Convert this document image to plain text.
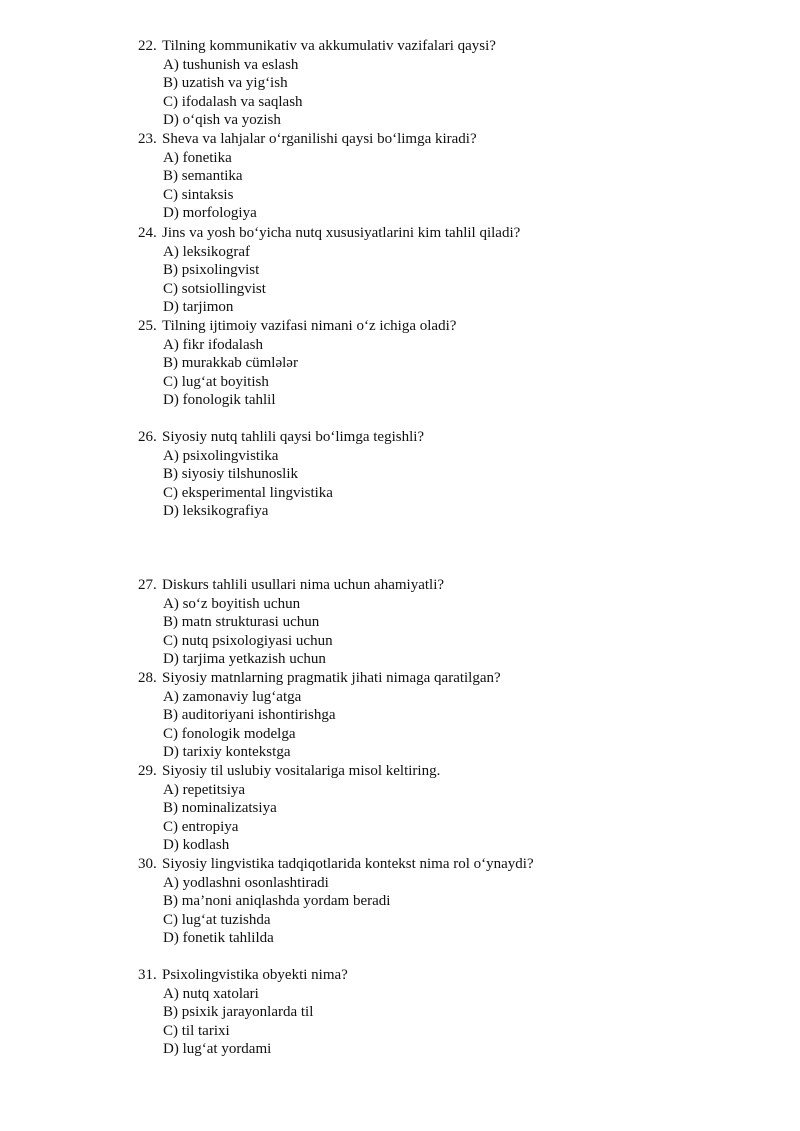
22. Tilning kommunikativ va akkumulativ vazifalari qaysi?
A) tushunish va eslash
B) uzatish va yig‘ish
C) ifodalash va saqlash
D) o‘qish va yozish
23. Sheva va lahjalar o‘rganilishi qaysi bo‘limga kiradi?
A) fonetika
B) semantika
C) sintaksis
D) morfologiya
24. Jins va yosh bo‘yicha nutq xususiyatlarini kim tahlil qiladi?
A) leksikograf
B) psixolingvist
C) sotsiollingvist
D) tarjimon
25. Tilning ijtimoiy vazifasi nimani o‘z ichiga oladi?
A) fikr ifodalash
B) murakkab cümlələr
C) lug‘at boyitish
D) fonologik tahlil
26. Siyosiy nutq tahlili qaysi bo‘limga tegishli?
A) psixolingvistika
B) siyosiy tilshunoslik
C) eksperimental lingvistika
D) leksikografiya
27. Diskurs tahlili usullari nima uchun ahamiyatli?
A) so‘z boyitish uchun
B) matn strukturasi uchun
C) nutq psixologiyasi uchun
D) tarjima yetkazish uchun
28. Siyosiy matnlarning pragmatik jihati nimaga qaratilgan?
A) zamonaviy lug‘atga
B) auditoriyani ishontirishga
C) fonologik modelga
D) tarixiy kontekstga
29. Siyosiy til uslubiy vositalariga misol keltiring.
A) repetitsiya
B) nominalizatsiya
C) entropiya
D) kodlash
30. Siyosiy lingvistika tadqiqotlarida kontekst nima rol o‘ynaydi?
A) yodlashni osonlashtiradi
B) ma’noni aniqlashda yordam beradi
C) lug‘at tuzishda
D) fonetik tahlilda
31. Psixolingvistika obyekti nima?
A) nutq xatolari
B) psixik jarayonlarda til
C) til tarixi
D) lug‘at yordami
